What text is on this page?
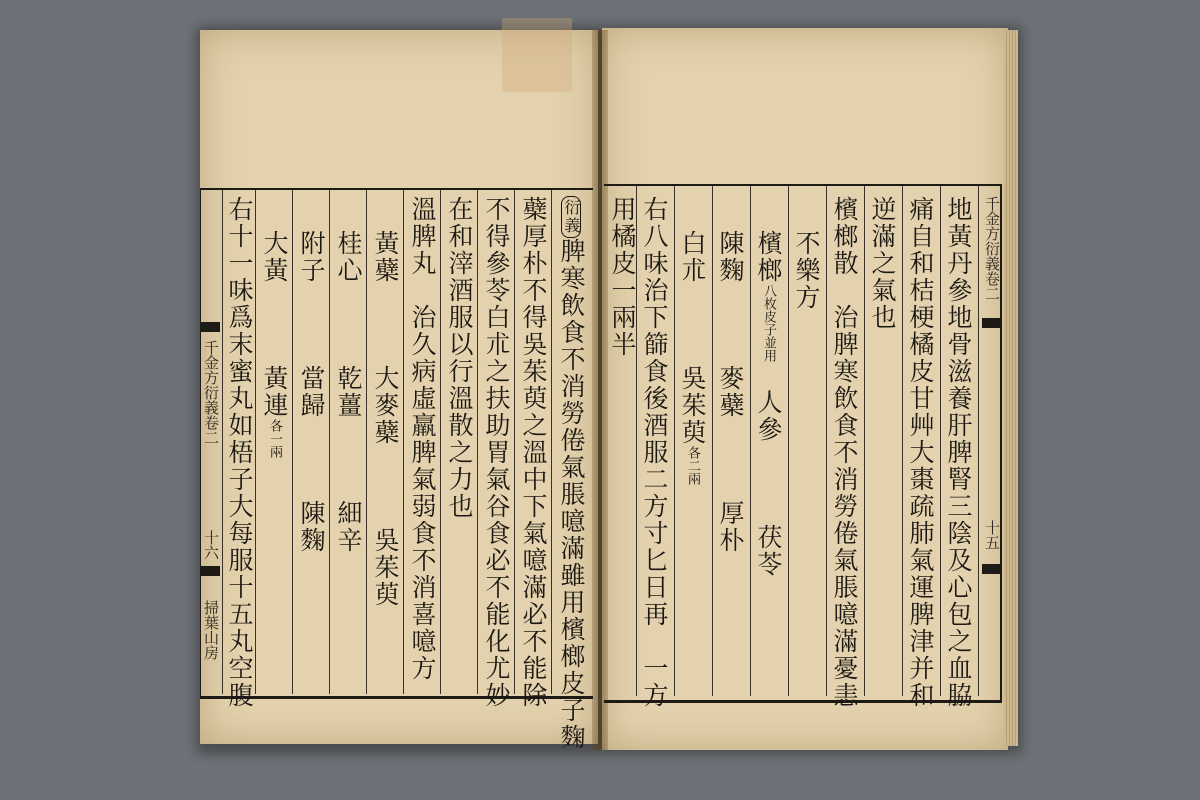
千金方衍義卷二
十六
掃葉山房
衍義脾寒飲食不消勞倦氣脹噫滿雖用檳榔皮子麴
蘗厚朴不得吳茱萸之溫中下氣噫滿必不能除
不得參苓白朮之扶助胃氣谷食必不能化尤妙
在和滓酒服以行溫散之力也
溫脾丸　治久病虛羸脾氣弱食不消喜噫方
黃蘗　　　大麥蘗　　　吳茱萸
桂心　　　乾薑　　　細辛
附子　　　當歸　　　陳麴
大黃　　　黃連各一兩
右十一味爲末蜜丸如梧子大每服十五丸空腹	千金方衍義卷二
十五
地黃丹參地骨滋養肝脾腎三陰及心包之血脇
痛自和桔梗橘皮甘艸大棗疏肺氣運脾津并和
逆滿之氣也
檳榔散　治脾寒飲食不消勞倦氣脹噫滿憂恚
不樂方
檳榔八枚皮子並用　人參　　　茯苓
陳麴　　　麥蘗　　　厚朴
白朮　　　吳茱萸各二兩
右八味治下篩食後酒服二方寸匕日再　一方
用橘皮一兩半
